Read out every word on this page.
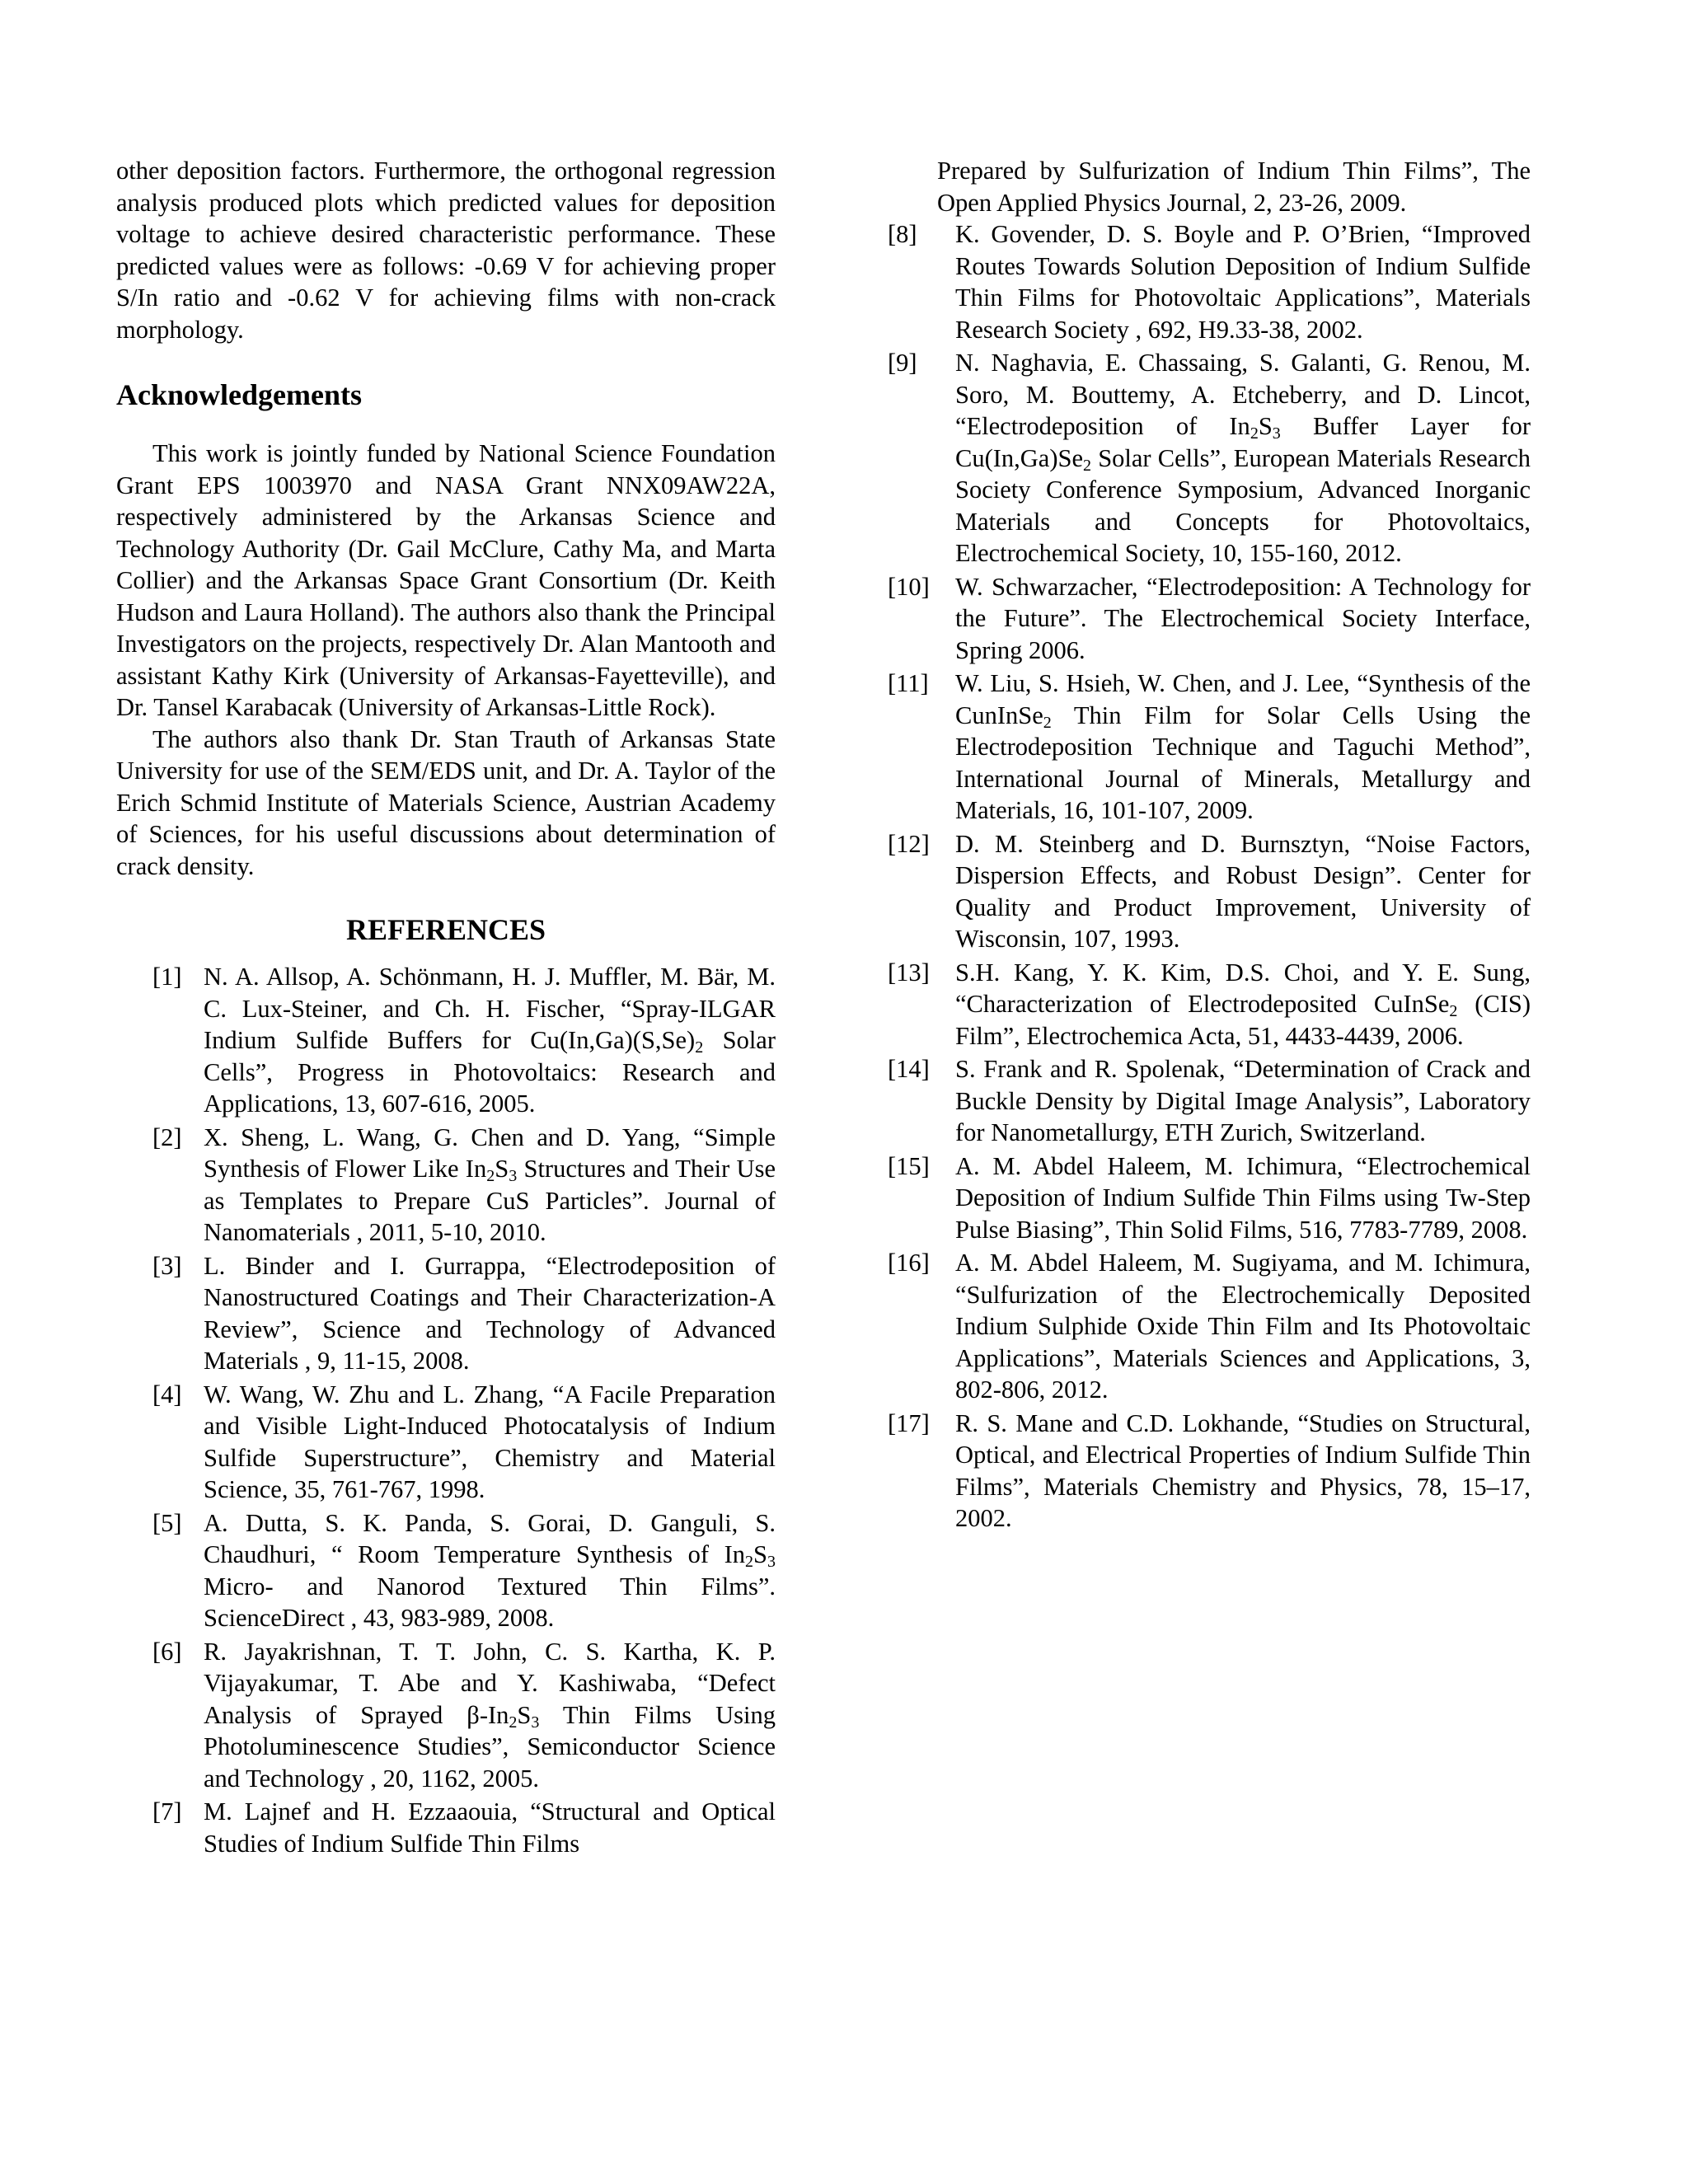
other deposition factors. Furthermore, the orthogonal regression analysis produced plots which predicted values for deposition voltage to achieve desired characteristic performance. These predicted values were as follows: -0.69 V for achieving proper S/In ratio and -0.62 V for achieving films with non-crack morphology.

Acknowledgements

This work is jointly funded by National Science Foundation Grant EPS 1003970 and NASA Grant NNX09AW22A, respectively administered by the Arkansas Science and Technology Authority (Dr. Gail McClure, Cathy Ma, and Marta Collier) and the Arkansas Space Grant Consortium (Dr. Keith Hudson and Laura Holland). The authors also thank the Principal Investigators on the projects, respectively Dr. Alan Mantooth and assistant Kathy Kirk (University of Arkansas-Fayetteville), and Dr. Tansel Karabacak (University of Arkansas-Little Rock).

The authors also thank Dr. Stan Trauth of Arkansas State University for use of the SEM/EDS unit, and Dr. A. Taylor of the Erich Schmid Institute of Materials Science, Austrian Academy of Sciences, for his useful discussions about determination of crack density.

REFERENCES
[1] N. A. Allsop, A. Schönmann, H. J. Muffler, M. Bär, M. C. Lux-Steiner, and Ch. H. Fischer, “Spray-ILGAR Indium Sulfide Buffers for $Cu(In,Ga)(S,Se)_2$ Solar Cells”, Progress in Photovoltaics: Research and Applications, 13, 607-616, 2005.
[2] X. Sheng, L. Wang, G. Chen and D. Yang, “Simple Synthesis of Flower Like $In_2S_3$ Structures and Their Use as Templates to Prepare CuS Particles”. Journal of Nanomaterials , 2011, 5-10, 2010.
[3] L. Binder and I. Gurrappa, “Electrodeposition of Nanostructured Coatings and Their Characterization-A Review”, Science and Technology of Advanced Materials , 9, 11-15, 2008.
[4] W. Wang, W. Zhu and L. Zhang, “A Facile Preparation and Visible Light-Induced Photocatalysis of Indium Sulfide Superstructure”, Chemistry and Material Science, 35, 761-767, 1998.
[5] A. Dutta, S. K. Panda, S. Gorai, D. Ganguli, S. Chaudhuri, “ Room Temperature Synthesis of $In_2S_3$ Micro- and Nanorod Textured Thin Films”. ScienceDirect , 43, 983-989, 2008.
[6] R. Jayakrishnan, T. T. John, C. S. Kartha, K. P. Vijayakumar, T. Abe and Y. Kashiwaba, “Defect Analysis of Sprayed $\beta-In_2S_3$ Thin Films Using Photoluminescence Studies”, Semiconductor Science and Technology , 20, 1162, 2005.
[7] M. Lajnef and H. Ezzaaouia, “Structural and Optical Studies of Indium Sulfide Thin Films
Prepared by Sulfurization of Indium Thin Films”, The Open Applied Physics Journal, 2, 23-26, 2009.
[8] K. Govender, D. S. Boyle and P. O’Brien, “Improved Routes Towards Solution Deposition of Indium Sulfide Thin Films for Photovoltaic Applications”, Materials Research Society , 692, H9.33-38, 2002.
[9] N. Naghavia, E. Chassaing, S. Galanti, G. Renou, M. Soro, M. Bouttemy, A. Etcheberry, and D. Lincot, “Electrodeposition of $In_2S_3$ Buffer Layer for $Cu(In,Ga)Se_2$ Solar Cells”, European Materials Research Society Conference Symposium, Advanced Inorganic Materials and Concepts for Photovoltaics, Electrochemical Society, 10, 155-160, 2012.
[10] W. Schwarzacher, “Electrodeposition: A Technology for the Future”. The Electrochemical Society Interface, Spring 2006.
[11] W. Liu, S. Hsieh, W. Chen, and J. Lee, “Synthesis of the CunInSe$_2$ Thin Film for Solar Cells Using the Electrodeposition Technique and Taguchi Method”, International Journal of Minerals, Metallurgy and Materials, 16, 101-107, 2009.
[12] D. M. Steinberg and D. Burnsztyn, “Noise Factors, Dispersion Effects, and Robust Design”. Center for Quality and Product Improvement, University of Wisconsin, 107, 1993.
[13] S.H. Kang, Y. K. Kim, D.S. Choi, and Y. E. Sung, “Characterization of Electrodeposited CuInSe$_2$ (CIS) Film”, Electrochemica Acta, 51, 4433-4439, 2006.
[14] S. Frank and R. Spolenak, “Determination of Crack and Buckle Density by Digital Image Analysis”, Laboratory for Nanometallurgy, ETH Zurich, Switzerland.
[15] A. M. Abdel Haleem, M. Ichimura, “Electrochemical Deposition of Indium Sulfide Thin Films using Tw-Step Pulse Biasing”, Thin Solid Films, 516, 7783-7789, 2008.
[16] A. M. Abdel Haleem, M. Sugiyama, and M. Ichimura, “Sulfurization of the Electrochemically Deposited Indium Sulphide Oxide Thin Film and Its Photovoltaic Applications”, Materials Sciences and Applications, 3, 802-806, 2012.
[17] R. S. Mane and C.D. Lokhande, “Studies on Structural, Optical, and Electrical Properties of Indium Sulfide Thin Films”, Materials Chemistry and Physics, 78, 15–17, 2002.
